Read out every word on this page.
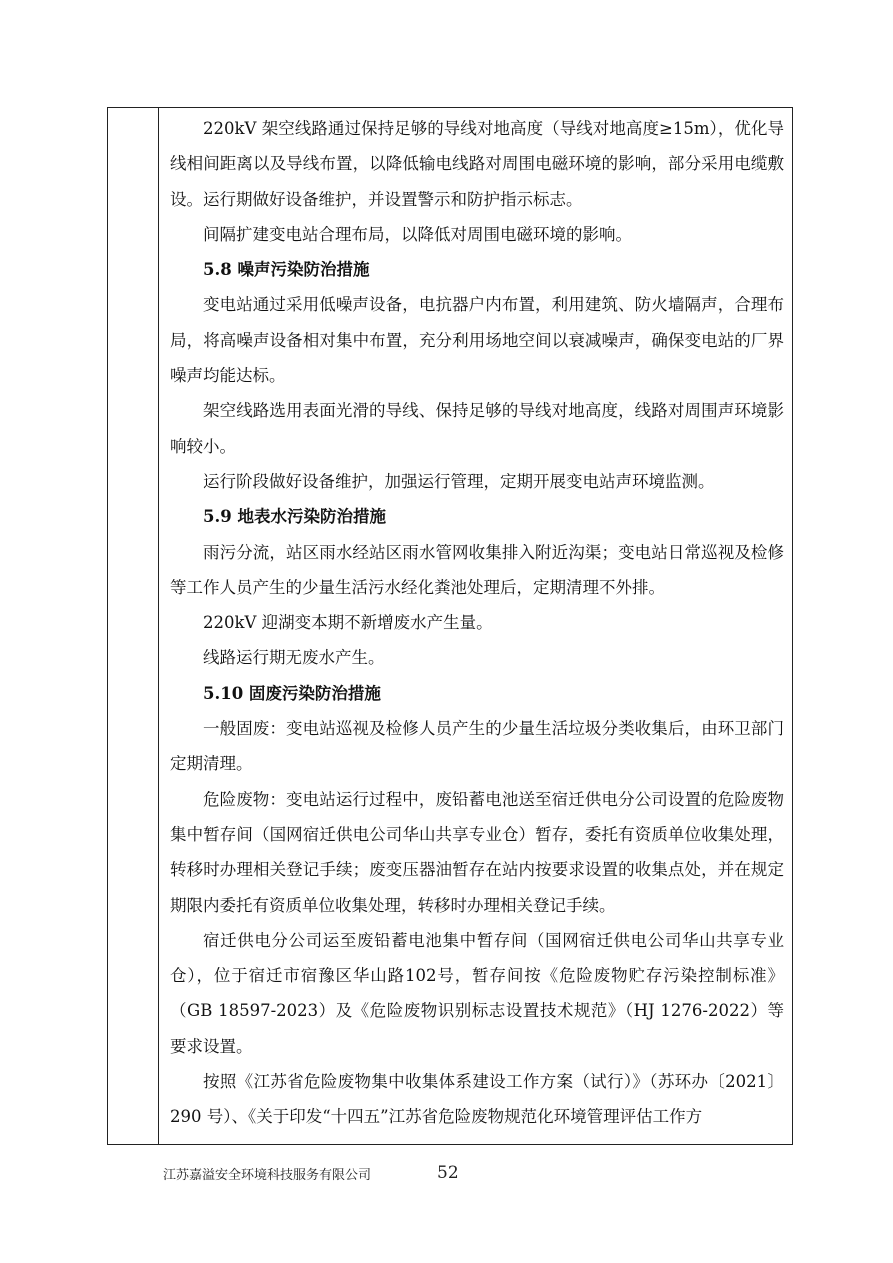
220kV 架空线路通过保持足够的导线对地高度（导线对地高度≥15m），优化导线相间距离以及导线布置，以降低输电线路对周围电磁环境的影响，部分采用电缆敷设。运行期做好设备维护，并设置警示和防护指示标志。

间隔扩建变电站合理布局，以降低对周围电磁环境的影响。

5.8 噪声污染防治措施

变电站通过采用低噪声设备，电抗器户内布置，利用建筑、防火墙隔声，合理布局，将高噪声设备相对集中布置，充分利用场地空间以衰减噪声，确保变电站的厂界噪声均能达标。

架空线路选用表面光滑的导线、保持足够的导线对地高度，线路对周围声环境影响较小。

运行阶段做好设备维护，加强运行管理，定期开展变电站声环境监测。

5.9 地表水污染防治措施

雨污分流，站区雨水经站区雨水管网收集排入附近沟渠；变电站日常巡视及检修等工作人员产生的少量生活污水经化粪池处理后，定期清理不外排。

220kV 迎湖变本期不新增废水产生量。

线路运行期无废水产生。

5.10 固废污染防治措施

一般固废：变电站巡视及检修人员产生的少量生活垃圾分类收集后，由环卫部门定期清理。

危险废物：变电站运行过程中，废铅蓄电池送至宿迁供电分公司设置的危险废物集中暂存间（国网宿迁供电公司华山共享专业仓）暂存，委托有资质单位收集处理，转移时办理相关登记手续；废变压器油暂存在站内按要求设置的收集点处，并在规定期限内委托有资质单位收集处理，转移时办理相关登记手续。

宿迁供电分公司运至废铅蓄电池集中暂存间（国网宿迁供电公司华山共享专业仓），位于宿迁市宿豫区华山路102号，暂存间按《危险废物贮存污染控制标准》（GB 18597-2023）及《危险废物识别标志设置技术规范》（HJ 1276-2022）等要求设置。

按照《江苏省危险废物集中收集体系建设工作方案（试行）》（苏环办〔2021〕290 号）、《关于印发“十四五”江苏省危险废物规范化环境管理评估工作方

江苏嘉溢安全环境科技服务有限公司	52
